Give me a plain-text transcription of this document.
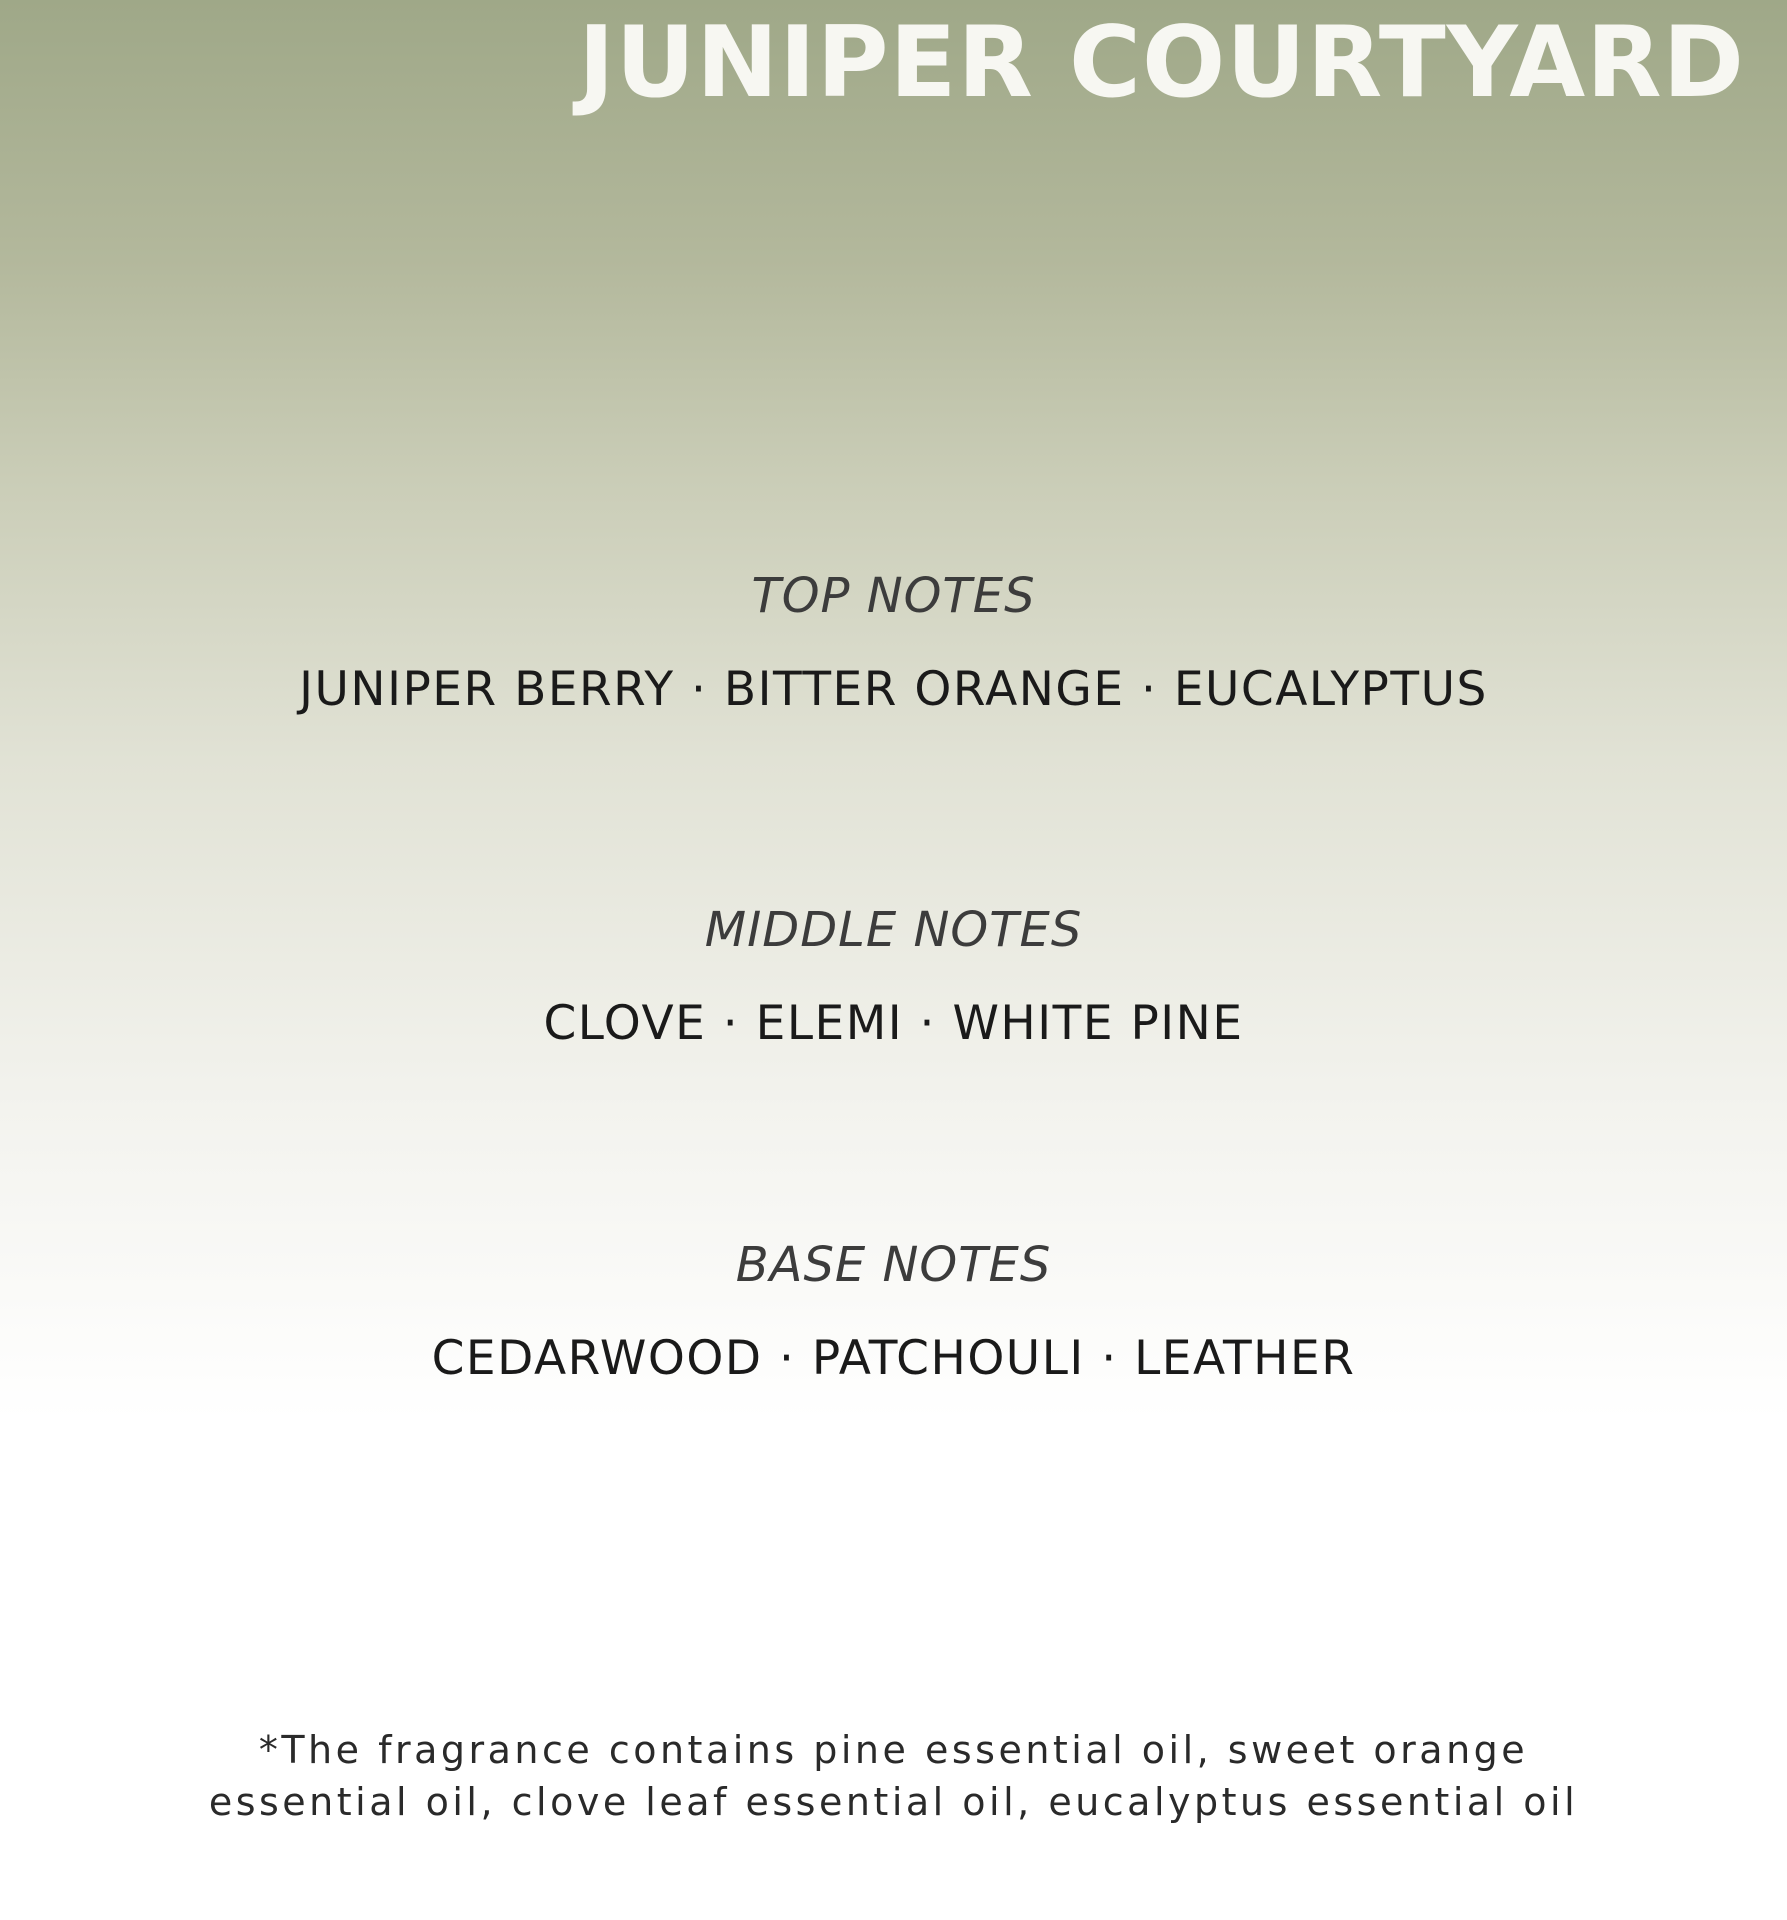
JUNIPER COURTYARD
TOP NOTES
JUNIPER BERRY · BITTER ORANGE · EUCALYPTUS
MIDDLE NOTES
CLOVE · ELEMI · WHITE PINE
BASE NOTES
CEDARWOOD · PATCHOULI · LEATHER
*The fragrance contains pine essential oil, sweet orange
essential oil, clove leaf essential oil, eucalyptus essential oil
